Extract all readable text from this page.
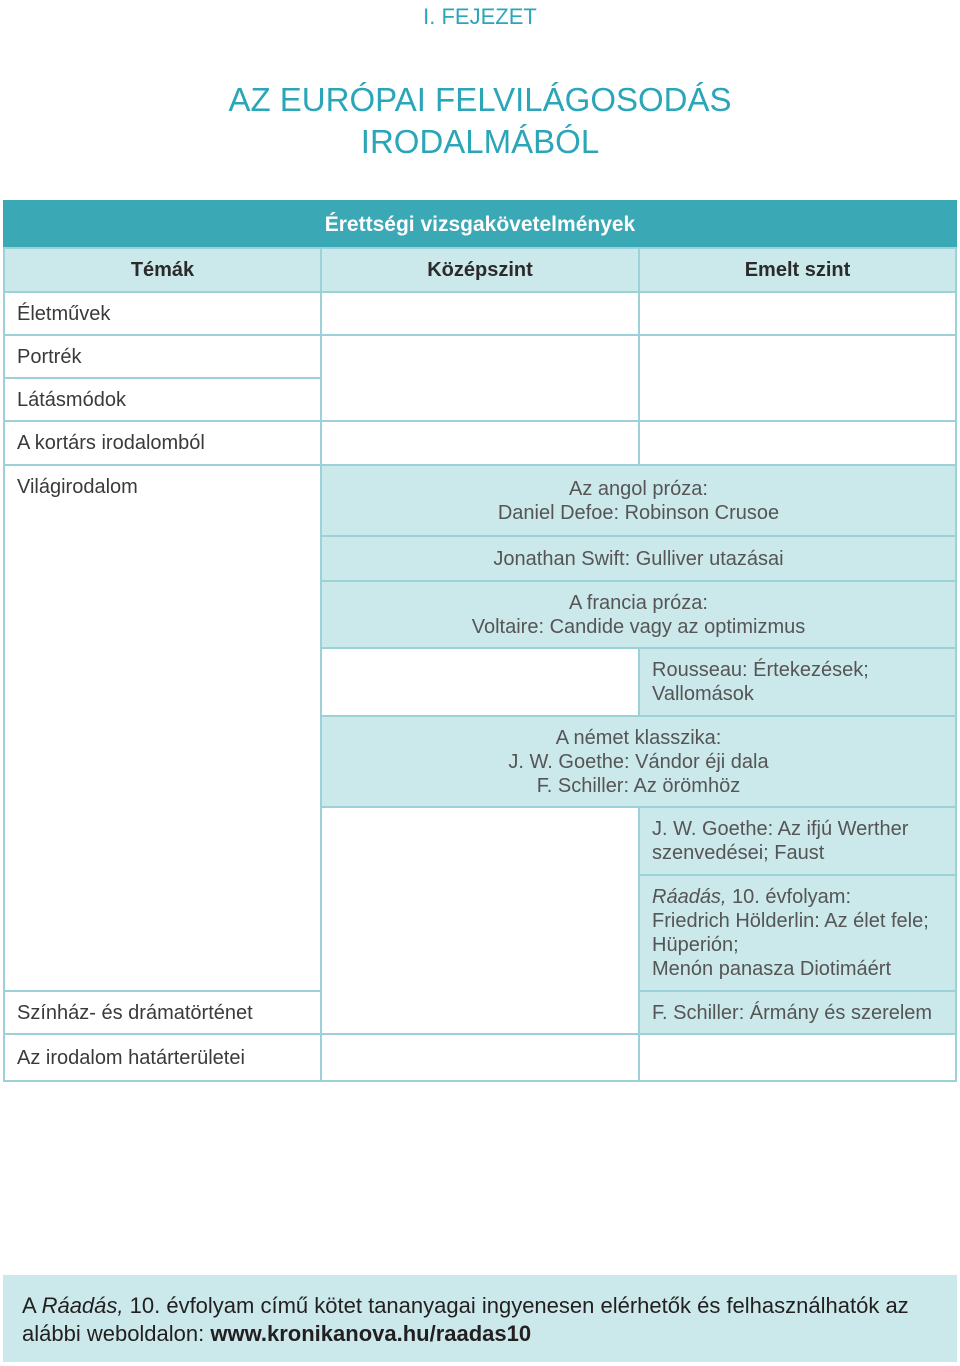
I. FEJEZET
AZ EURÓPAI FELVILÁGOSODÁS
IRODALMÁBÓL
Érettségi vizsgakövetelmények
Témák	Középszint	Emelt szint
Életművek
Portrék
Látásmódok
A kortárs irodalomból
Világirodalom
Színház- és drámatörténet
Az irodalom határterületei
Az angol próza:
Daniel Defoe: Robinson Crusoe
Jonathan Swift: Gulliver utazásai
A francia próza:
Voltaire: Candide vagy az optimizmus
Rousseau: Értekezések;
Vallomások
A német klasszika:
J. W. Goethe: Vándor éji dala
F. Schiller: Az örömhöz
J. W. Goethe: Az ifjú Werther
szenvedései; Faust
Ráadás, 10. évfolyam:
Friedrich Hölderlin: Az élet fele;
Hüperión;
Menón panasza Diotimáért
F. Schiller: Ármány és szerelem
A Ráadás, 10. évfolyam című kötet tananyagai ingyenesen elérhetők és felhasználhatók az
alábbi weboldalon: www.kronikanova.hu/raadas10
